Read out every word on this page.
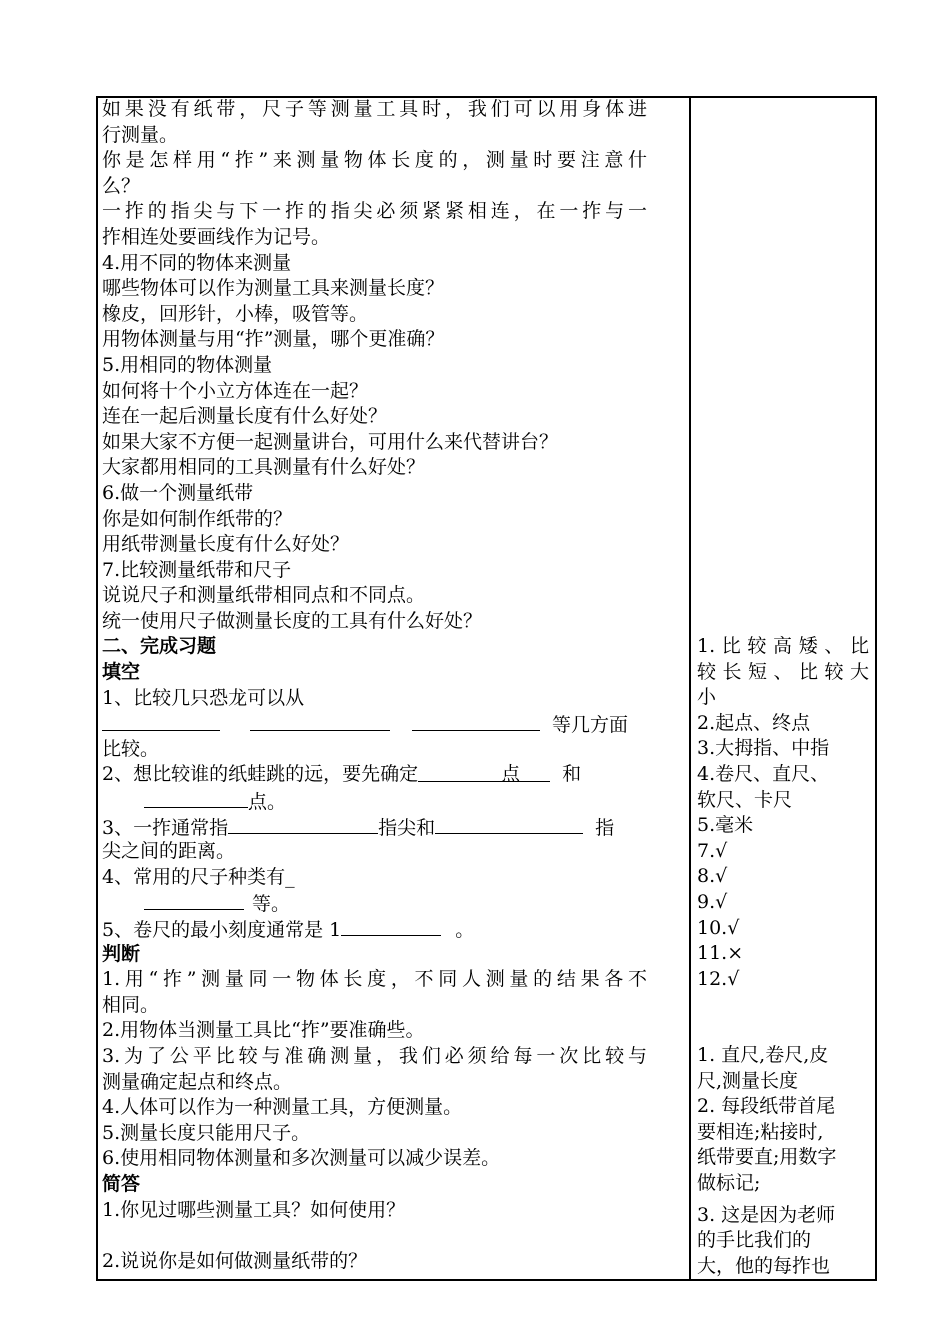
如果没有纸带，尺子等测量工具时，我们可以用身体进
行测量。
你是怎样用“拃”来测量物体长度的，测量时要注意什
么？
一拃的指尖与下一拃的指尖必须紧紧相连，在一拃与一
拃相连处要画线作为记号。
4.用不同的物体来测量
哪些物体可以作为测量工具来测量长度？
橡皮，回形针，小棒，吸管等。
用物体测量与用“拃”测量，哪个更准确？
5.用相同的物体测量
如何将十个小立方体连在一起？
连在一起后测量长度有什么好处？
如果大家不方便一起测量讲台，可用什么来代替讲台？
大家都用相同的工具测量有什么好处？
6.做一个测量纸带
你是如何制作纸带的？
用纸带测量长度有什么好处？
7.比较测量纸带和尺子
说说尺子和测量纸带相同点和不同点。
统一使用尺子做测量长度的工具有什么好处？
二、完成习题
填空
1、比较几只恐龙可以从
等几方面
比较。
2、想比较谁的纸蛙跳的远，要先确定	点 和
点。
3、一拃通常指	指尖和	指
尖之间的距离。
4、常用的尺子种类有_
等。
5、卷尺的最小刻度通常是 1	。
判断
1.用“拃”测量同一物体长度，不同人测量的结果各不
相同。
2.用物体当测量工具比“拃”要准确些。
3.为了公平比较与准确测量，我们必须给每一次比较与
测量确定起点和终点。
4.人体可以作为一种测量工具，方便测量。
5.测量长度只能用尺子。
6.使用相同物体测量和多次测量可以减少误差。
简答
1.你见过哪些测量工具？如何使用？
2.说说你是如何做测量纸带的？
1.比较高矮、比
较长短、比较大
小
2.起点、终点
3.大拇指、中指
4.卷尺、直尺、
软尺、卡尺
5.毫米
7.√
8.√
9.√
10.√
11.×
12.√
1. 直尺,卷尺,皮
尺,测量长度
2. 每段纸带首尾
要相连;粘接时,
纸带要直;用数字
做标记;
3. 这是因为老师
的手比我们的
大，他的每拃也
